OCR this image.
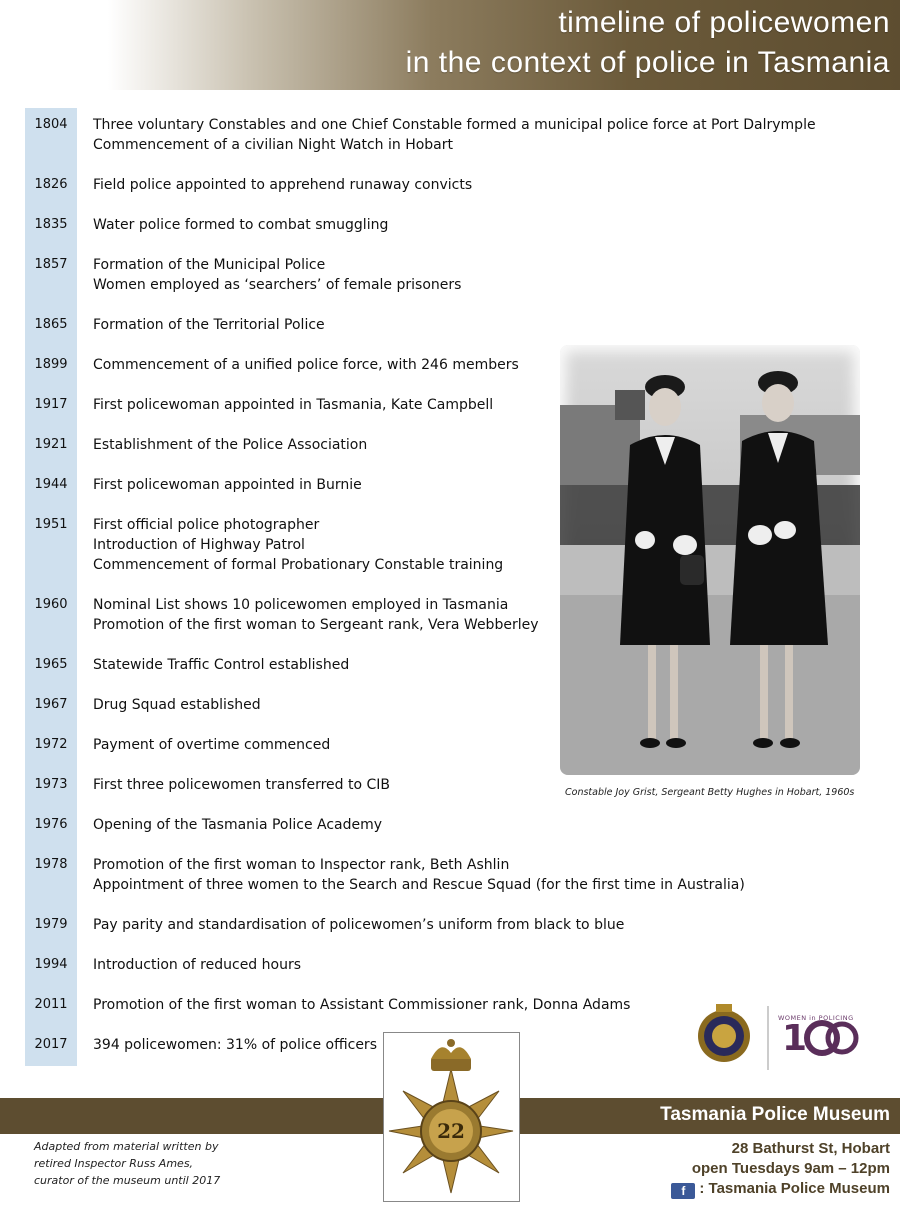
timeline of policewomen
in the context of police in Tasmania
1804	Three voluntary Constables and one Chief Constable formed a municipal police force at Port Dalrymple
Commencement of a civilian Night Watch in Hobart
1826	Field police appointed to apprehend runaway convicts
1835	Water police formed to combat smuggling
1857	Formation of the Municipal Police
Women employed as ‘searchers’ of female prisoners
1865	Formation of the Territorial Police
1899	Commencement of a unified police force, with 246 members
1917	First policewoman appointed in Tasmania, Kate Campbell
1921	Establishment of the Police Association
1944	First policewoman appointed in Burnie
1951	First official police photographer
Introduction of Highway Patrol
Commencement of formal Probationary Constable training
1960	Nominal List shows 10 policewomen employed in Tasmania
Promotion of the first woman to Sergeant rank, Vera Webberley
1965	Statewide Traffic Control established
1967	Drug Squad established
1972	Payment of overtime commenced
1973	First three policewomen transferred to CIB
1976	Opening of the Tasmania Police Academy
1978	Promotion of the first woman to Inspector rank, Beth Ashlin
Appointment of three women to the Search and Rescue Squad (for the first time in Australia)
1979	Pay parity and standardisation of policewomen’s uniform from black to blue
1994	Introduction of reduced hours
2011	Promotion of the first woman to Assistant Commissioner rank, Donna Adams
2017	394 policewomen: 31% of police officers
Constable Joy Grist, Sergeant Betty Hughes in Hobart, 1960s
1
WOMEN in POLICING
Tasmania Police Museum
22
Adapted from material written by
retired Inspector Russ Ames,
curator of the museum until 2017
28 Bathurst St, Hobart
open Tuesdays 9am – 12pm
f : Tasmania Police Museum
